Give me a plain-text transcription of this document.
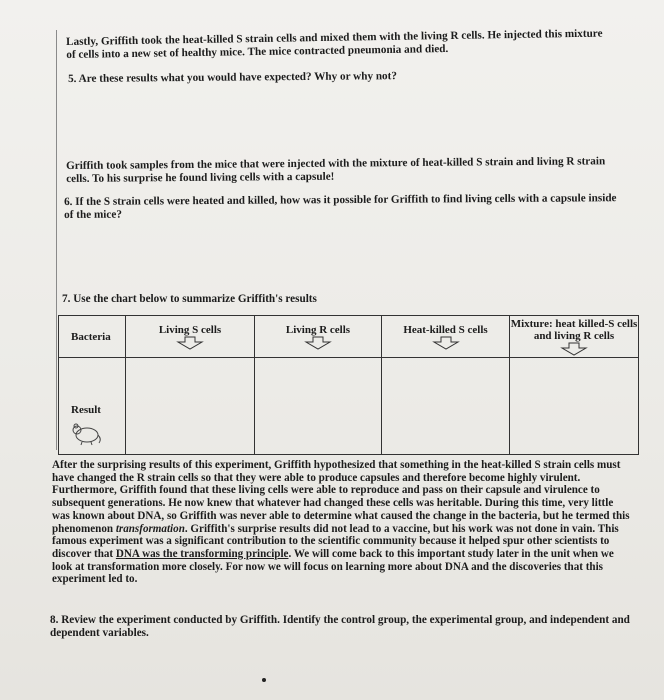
Lastly, Griffith took the heat-killed S strain cells and mixed them with the living R cells. He injected this mixture of cells into a new set of healthy mice. The mice contracted pneumonia and died.
5. Are these results what you would have expected? Why or why not?
Griffith took samples from the mice that were injected with the mixture of heat-killed S strain and living R strain cells. To his surprise he found living cells with a capsule!
6. If the S strain cells were heated and killed, how was it possible for Griffith to find living cells with a capsule inside of the mice?
7. Use the chart below to summarize Griffith's results
Bacteria	Living S cells	Living R cells	Heat-killed S cells	Mixture: heat killed-S cells and living R cells

Result				

After the surprising results of this experiment, Griffith hypothesized that something in the heat-killed S strain cells must have changed the R strain cells so that they were able to produce capsules and therefore become highly virulent. Furthermore, Griffith found that these living cells were able to reproduce and pass on their capsule and virulence to subsequent generations. He now knew that whatever had changed these cells was heritable. During this time, very little was known about DNA, so Griffith was never able to determine what caused the change in the bacteria, but he termed this phenomenon transformation. Griffith's surprise results did not lead to a vaccine, but his work was not done in vain. This famous experiment was a significant contribution to the scientific community because it helped spur other scientists to discover that DNA was the transforming principle. We will come back to this important study later in the unit when we look at transformation more closely. For now we will focus on learning more about DNA and the discoveries that this experiment led to.
8. Review the experiment conducted by Griffith. Identify the control group, the experimental group, and independent and dependent variables.
